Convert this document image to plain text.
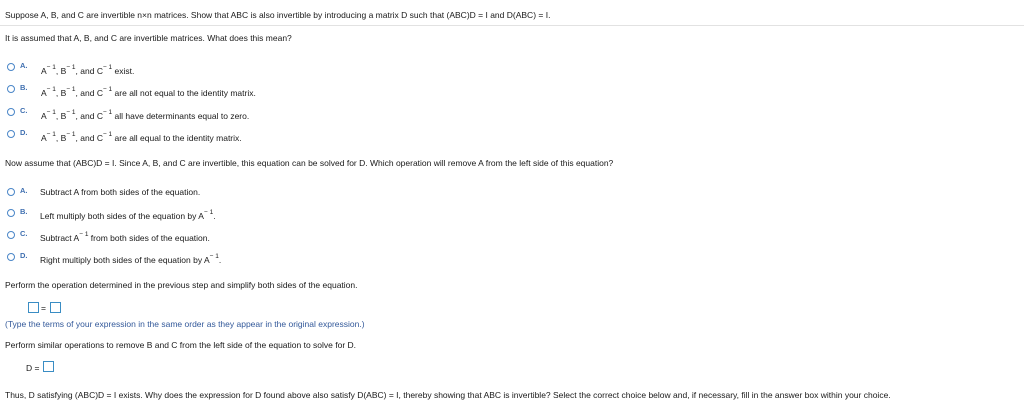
Suppose A, B, and C are invertible n×n matrices. Show that ABC is also invertible by introducing a matrix D such that (ABC)D = I and D(ABC) = I.
It is assumed that A, B, and C are invertible matrices. What does this mean?
A.
$A^{- 1}$, $B^{- 1}$, and $C^{- 1}$ exist.
B.
$A^{- 1}$, $B^{- 1}$, and $C^{- 1}$ are all not equal to the identity matrix.
C.
$A^{- 1}$, $B^{- 1}$, and $C^{- 1}$ all have determinants equal to zero.
D.
$A^{- 1}$, $B^{- 1}$, and $C^{- 1}$ are all equal to the identity matrix.
Now assume that (ABC)D = I. Since A, B, and C are invertible, this equation can be solved for D. Which operation will remove A from the left side of this equation?
A. Subtract A from both sides of the equation.
B. Left multiply both sides of the equation by $A^{- 1}$.
C. Subtract $A^{- 1}$ from both sides of the equation.
D. Right multiply both sides of the equation by $A^{- 1}$.
Perform the operation determined in the previous step and simplify both sides of the equation.
=
(Type the terms of your expression in the same order as they appear in the original expression.)
Perform similar operations to remove B and C from the left side of the equation to solve for D.
D =
Thus, D satisfying (ABC)D = I exists. Why does the expression for D found above also satisfy D(ABC) = I, thereby showing that ABC is invertible? Select the correct choice below and, if necessary, fill in the answer box within your choice.
